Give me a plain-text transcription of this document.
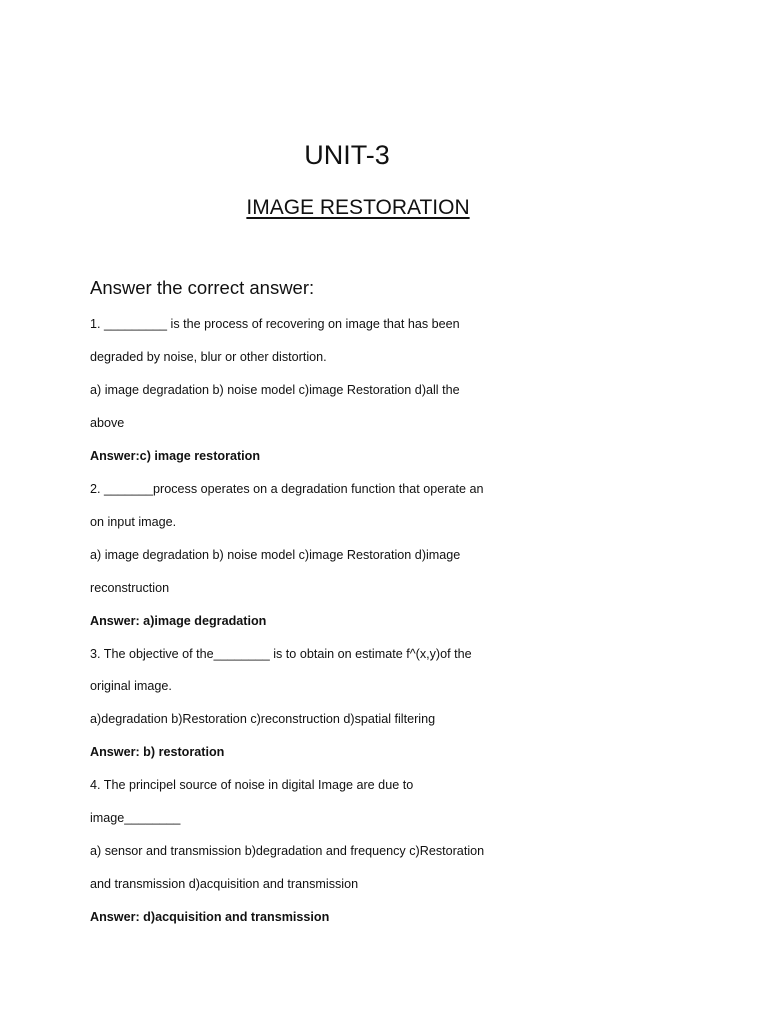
UNIT-3
IMAGE RESTORATION
Answer the correct answer:
1. _________ is the process of recovering on image that has been
degraded by noise, blur or other distortion.
a) image degradation b) noise model c)image Restoration d)all the
above
Answer:c) image restoration
2. _______process operates on a degradation function that operate an
on input image.
a) image degradation b) noise model c)image Restoration d)image
reconstruction
Answer: a)image degradation
3. The objective of the________ is to obtain on estimate f^(x,y)of the
original image.
a)degradation b)Restoration c)reconstruction d)spatial filtering
Answer: b) restoration
4. The principel source of noise in digital Image are due to
image________
a) sensor and transmission b)degradation and frequency c)Restoration
and transmission d)acquisition and transmission
Answer: d)acquisition and transmission
